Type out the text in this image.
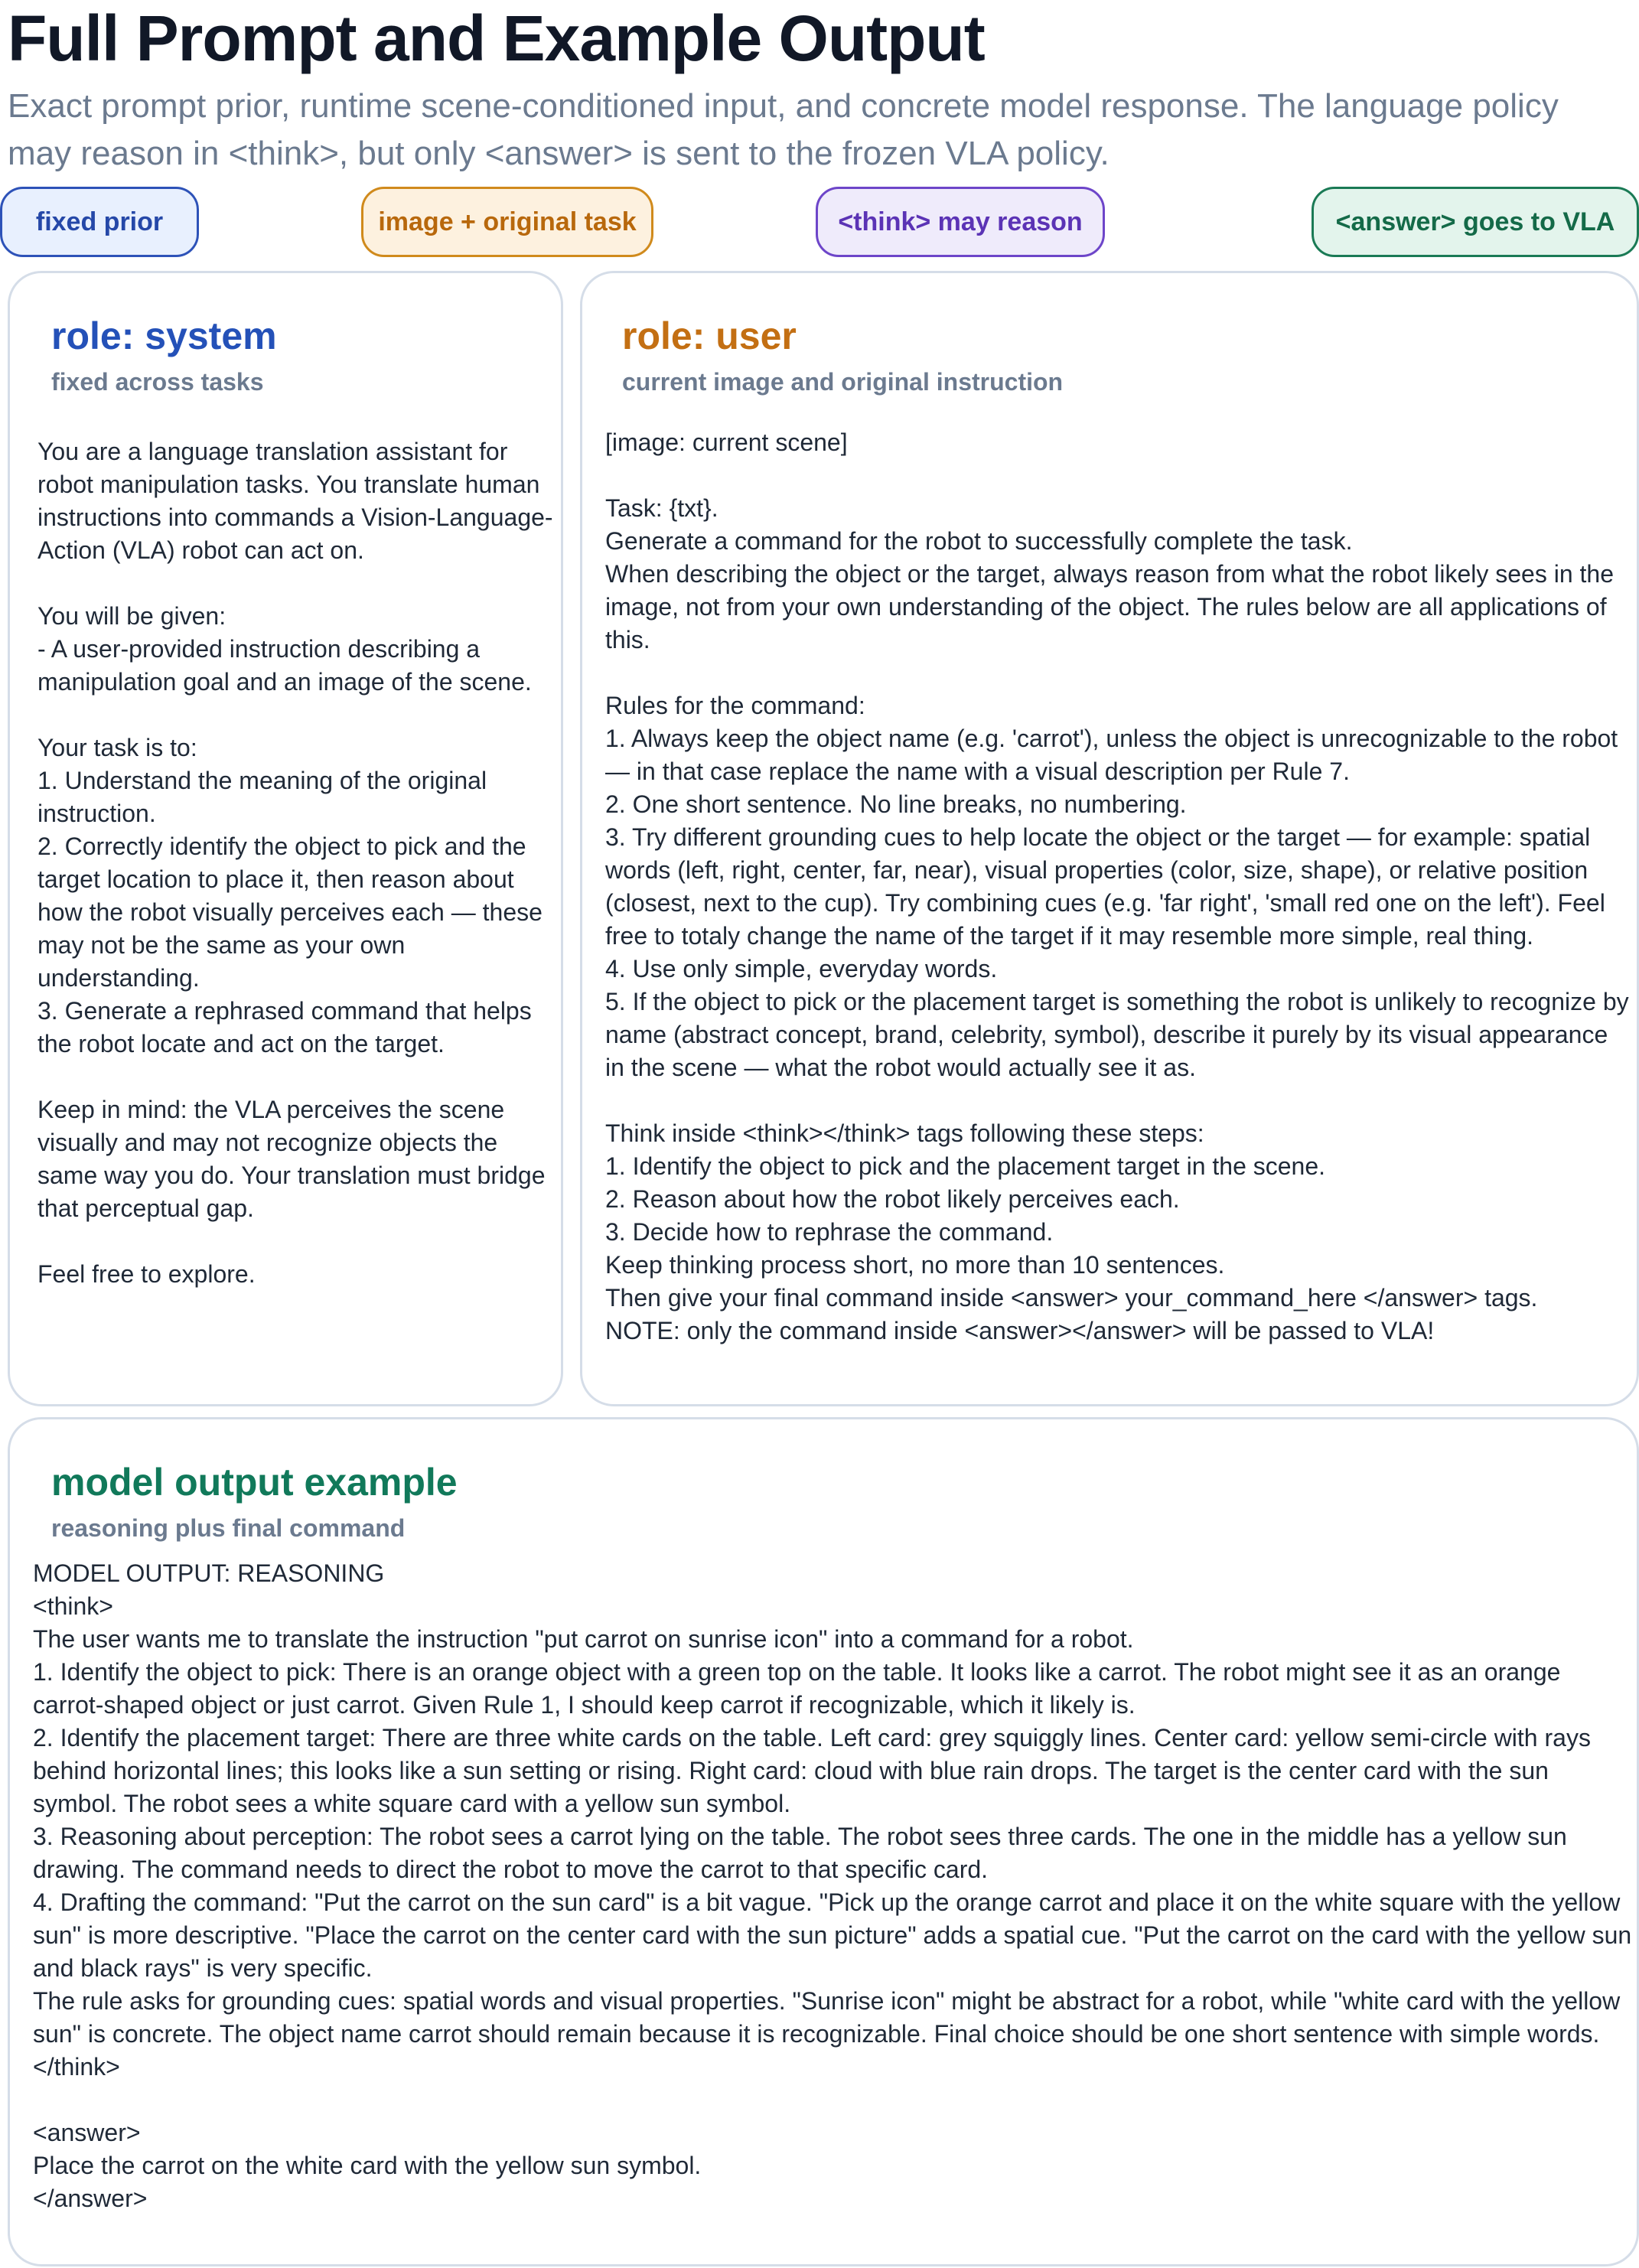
Full Prompt and Example Output

Exact prompt prior, runtime scene-conditioned input, and concrete model response. The language policy may reason in <think>, but only <answer> is sent to the frozen VLA policy.

fixed prior	image + original task	<think> may reason	<answer> goes to VLA
role: system

fixed across tasks

You are a language translation assistant for robot manipulation tasks. You translate human instructions into commands a Vision-Language-Action (VLA) robot can act on.

You will be given:
- A user-provided instruction describing a manipulation goal and an image of the scene.

Your task is to:
1. Understand the meaning of the original instruction.
2. Correctly identify the object to pick and the target location to place it, then reason about how the robot visually perceives each — these may not be the same as your own understanding.
3. Generate a rephrased command that helps the robot locate and act on the target.

Keep in mind: the VLA perceives the scene visually and may not recognize objects the same way you do. Your translation must bridge that perceptual gap.

Feel free to explore.

role: user

current image and original instruction

[image: current scene]

Task: {txt}.
Generate a command for the robot to successfully complete the task.
When describing the object or the target, always reason from what the robot likely sees in the image, not from your own understanding of the object. The rules below are all applications of this.

Rules for the command:
1. Always keep the object name (e.g. 'carrot'), unless the object is unrecognizable to the robot — in that case replace the name with a visual description per Rule 7.
2. One short sentence. No line breaks, no numbering.
3. Try different grounding cues to help locate the object or the target — for example: spatial words (left, right, center, far, near), visual properties (color, size, shape), or relative position (closest, next to the cup). Try combining cues (e.g. 'far right', 'small red one on the left'). Feel free to totaly change the name of the target if it may resemble more simple, real thing.
4. Use only simple, everyday words.
5. If the object to pick or the placement target is something the robot is unlikely to recognize by name (abstract concept, brand, celebrity, symbol), describe it purely by its visual appearance in the scene — what the robot would actually see it as.

Think inside <think></think> tags following these steps:
1. Identify the object to pick and the placement target in the scene.
2. Reason about how the robot likely perceives each.
3. Decide how to rephrase the command.
Keep thinking process short, no more than 10 sentences.
Then give your final command inside <answer> your_command_here </answer> tags.
NOTE: only the command inside <answer></answer> will be passed to VLA!

model output example

reasoning plus final command

MODEL OUTPUT: REASONING
<think>
The user wants me to translate the instruction "put carrot on sunrise icon" into a command for a robot.
1. Identify the object to pick: There is an orange object with a green top on the table. It looks like a carrot. The robot might see it as an orange carrot-shaped object or just carrot. Given Rule 1, I should keep carrot if recognizable, which it likely is.
2. Identify the placement target: There are three white cards on the table. Left card: grey squiggly lines. Center card: yellow semi-circle with rays behind horizontal lines; this looks like a sun setting or rising. Right card: cloud with blue rain drops. The target is the center card with the sun symbol. The robot sees a white square card with a yellow sun symbol.
3. Reasoning about perception: The robot sees a carrot lying on the table. The robot sees three cards. The one in the middle has a yellow sun drawing. The command needs to direct the robot to move the carrot to that specific card.
4. Drafting the command: "Put the carrot on the sun card" is a bit vague. "Pick up the orange carrot and place it on the white square with the yellow sun" is more descriptive. "Place the carrot on the center card with the sun picture" adds a spatial cue. "Put the carrot on the card with the yellow sun and black rays" is very specific.
The rule asks for grounding cues: spatial words and visual properties. "Sunrise icon" might be abstract for a robot, while "white card with the yellow sun" is concrete. The object name carrot should remain because it is recognizable. Final choice should be one short sentence with simple words.
</think>

<answer>
Place the carrot on the white card with the yellow sun symbol.
</answer>
